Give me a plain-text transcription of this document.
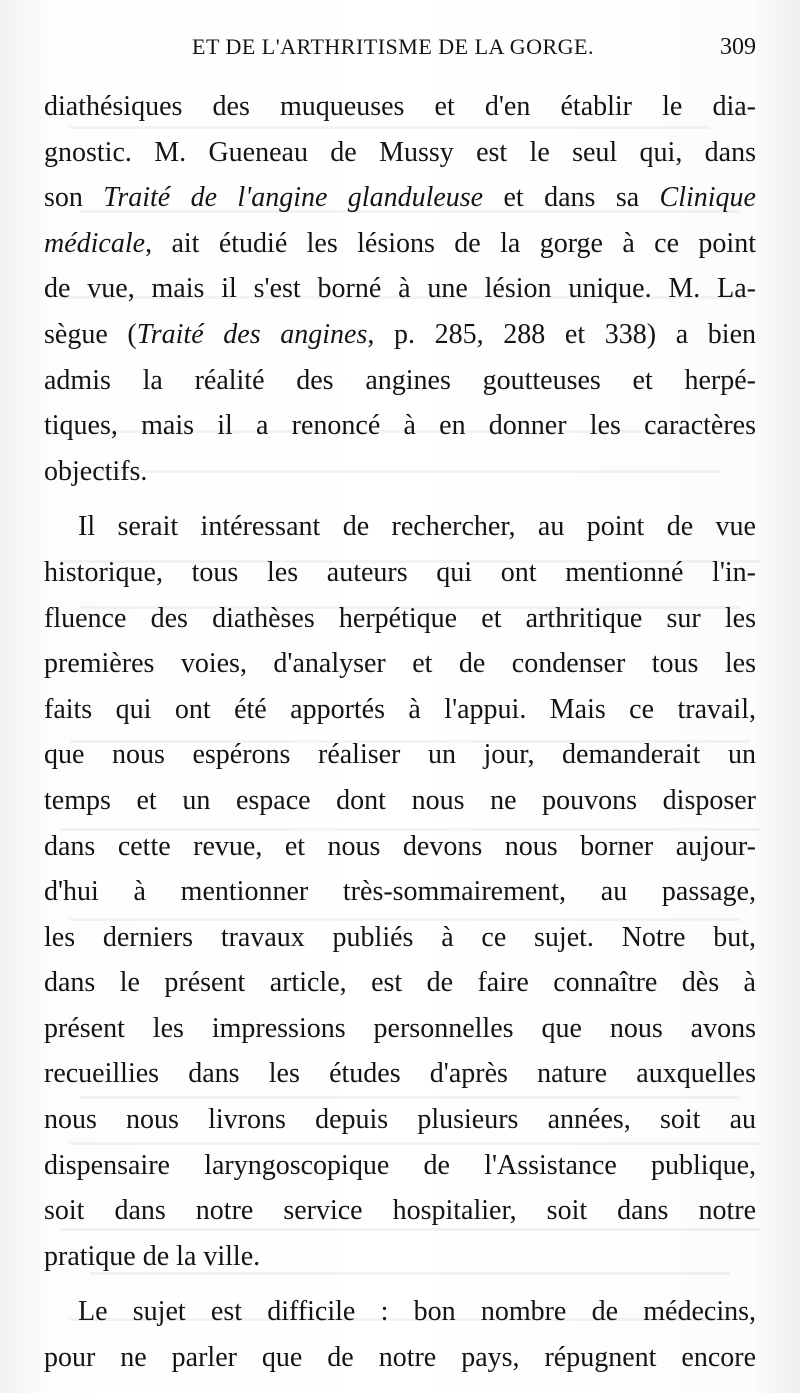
ET DE L'ARTHRITISME DE LA GORGE.	309
diathésiques des muqueuses et d'en établir le dia-
gnostic. M. Gueneau de Mussy est le seul qui, dans
son Traité de l'angine glanduleuse et dans sa Clinique
médicale, ait étudié les lésions de la gorge à ce point
de vue, mais il s'est borné à une lésion unique. M. La-
sègue (Traité des angines, p. 285, 288 et 338) a bien
admis la réalité des angines goutteuses et herpé-
tiques, mais il a renoncé à en donner les caractères
objectifs.
Il serait intéressant de rechercher, au point de vue
historique, tous les auteurs qui ont mentionné l'in-
fluence des diathèses herpétique et arthritique sur les
premières voies, d'analyser et de condenser tous les
faits qui ont été apportés à l'appui. Mais ce travail,
que nous espérons réaliser un jour, demanderait un
temps et un espace dont nous ne pouvons disposer
dans cette revue, et nous devons nous borner aujour-
d'hui à mentionner très-sommairement, au passage,
les derniers travaux publiés à ce sujet. Notre but,
dans le présent article, est de faire connaître dès à
présent les impressions personnelles que nous avons
recueillies dans les études d'après nature auxquelles
nous nous livrons depuis plusieurs années, soit au
dispensaire laryngoscopique de l'Assistance publique,
soit dans notre service hospitalier, soit dans notre
pratique de la ville.
Le sujet est difficile : bon nombre de médecins,
pour ne parler que de notre pays, répugnent encore
